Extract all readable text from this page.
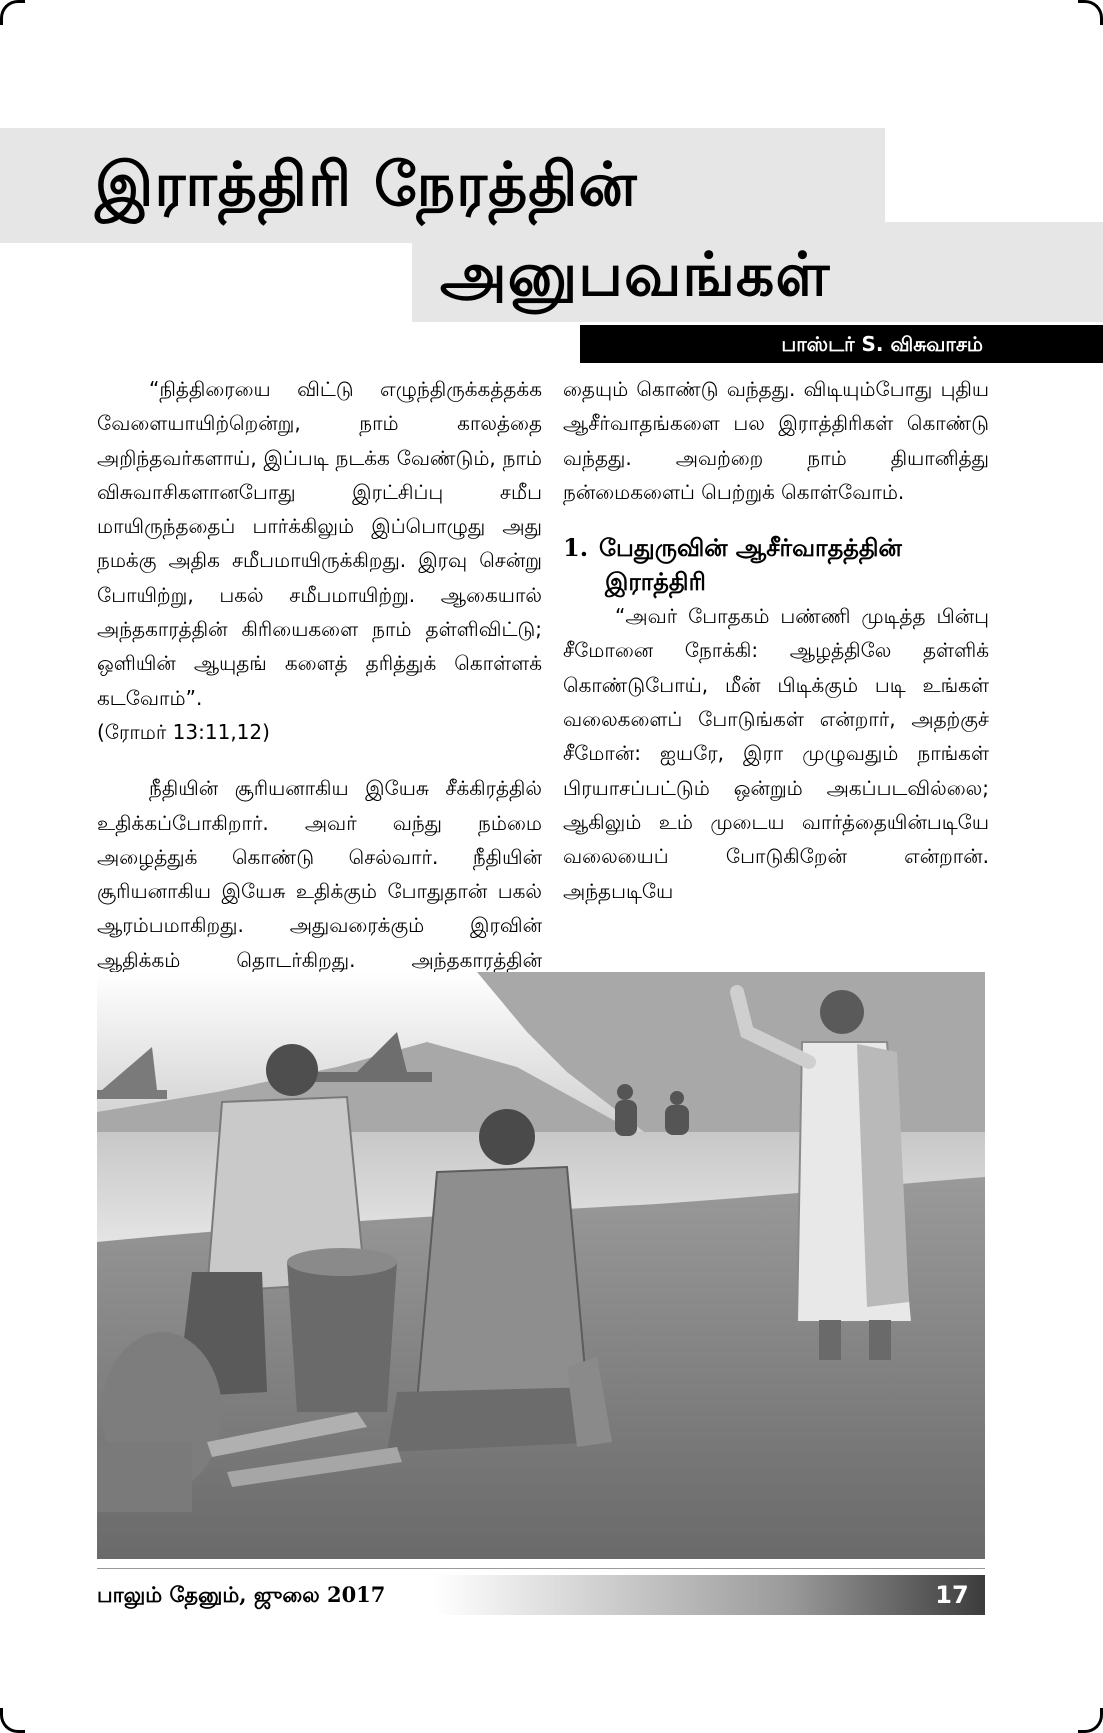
இராத்திரி நேரத்தின்
அனுபவங்கள்
பாஸ்டர் S. விசுவாசம்

“நித்திரையை விட்டு எழுந்திருக்கத்தக்க வேளையாயிற்றென்று, நாம் காலத்தை அறிந்தவர்களாய், இப்படி நடக்க வேண்டும், நாம் விசுவாசிகளானபோது இரட்சிப்பு சமீப மாயிருந்ததைப் பார்க்கிலும் இப்பொழுது அது நமக்கு அதிக சமீபமாயிருக்கிறது. இரவு சென்று போயிற்று, பகல் சமீபமாயிற்று. ஆகையால் அந்தகாரத்தின் கிரியைகளை நாம் தள்ளிவிட்டு; ஒளியின் ஆயுதங் களைத் தரித்துக் கொள்ளக் கடவோம்”.

(ரோமர் 13:11,12)

நீதியின் சூரியனாகிய இயேசு சீக்கிரத்தில் உதிக்கப்போகிறார். அவர் வந்து நம்மை அழைத்துக் கொண்டு செல்வார். நீதியின் சூரியனாகிய இயேசு உதிக்கும் போதுதான் பகல் ஆரம்பமாகிறது. அதுவரைக்கும் இரவின் ஆதிக்கம் தொடர்கிறது. அந்தகாரத்தின்

தையும் கொண்டு வந்தது. விடியும்போது புதிய ஆசீர்வாதங்களை பல இராத்திரிகள் கொண்டு வந்தது. அவற்றை நாம் தியானித்து நன்மைகளைப் பெற்றுக் கொள்வோம்.

1. பேதுருவின் ஆசீர்வாதத்தின்
இராத்திரி

“அவர் போதகம் பண்ணி முடித்த பின்பு சீமோனை நோக்கி: ஆழத்திலே தள்ளிக் கொண்டுபோய், மீன் பிடிக்கும் படி உங்கள் வலைகளைப் போடுங்கள் என்றார், அதற்குச் சீமோன்: ஐயரே, இரா முழுவதும் நாங்கள் பிரயாசப்பட்டும் ஒன்றும் அகப்படவில்லை; ஆகிலும் உம் முடைய வார்த்தையின்படியே வலையைப் போடுகிறேன் என்றான். அந்தபடியே

பாலும் தேனும், ஜுலை 2017	17
